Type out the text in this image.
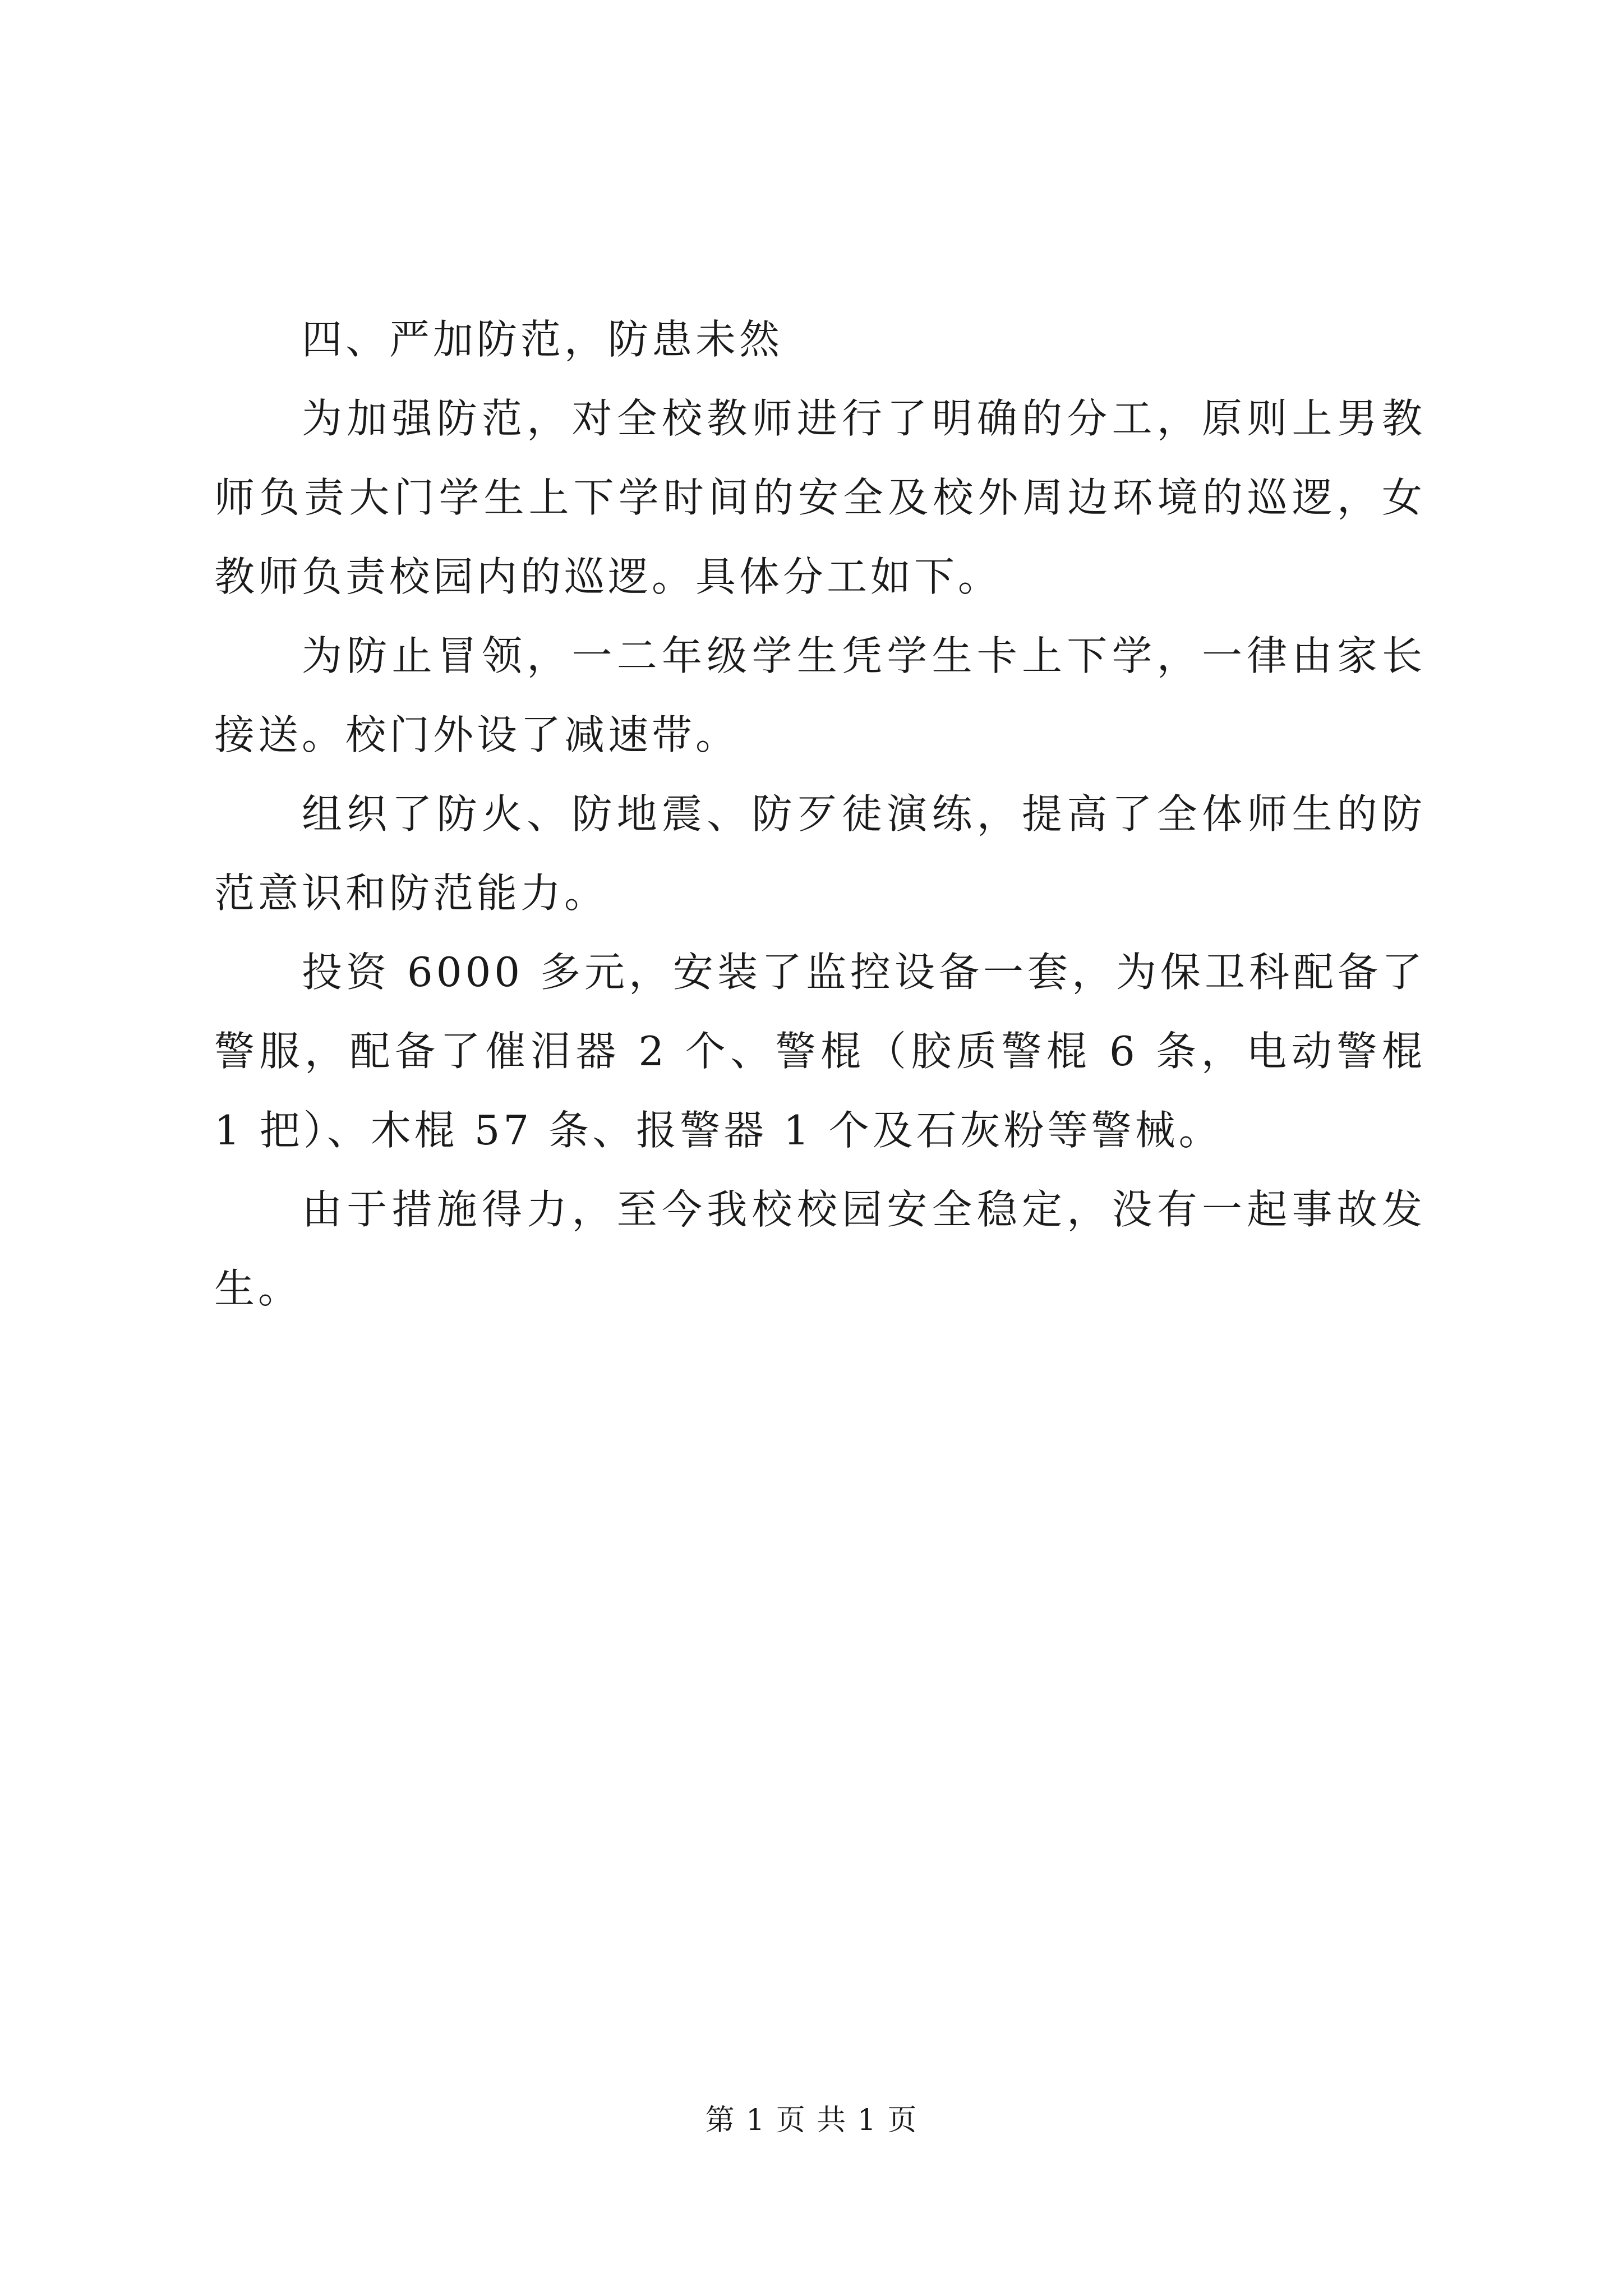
四、严加防范，防患未然

为加强防范，对全校教师进行了明确的分工，原则上男教师负责大门学生上下学时间的安全及校外周边环境的巡逻，女教师负责校园内的巡逻。具体分工如下。

为防止冒领，一二年级学生凭学生卡上下学，一律由家长接送。校门外设了减速带。

组织了防火、防地震、防歹徒演练，提高了全体师生的防范意识和防范能力。

投资 6000 多元，安装了监控设备一套，为保卫科配备了警服，配备了催泪器 2 个、警棍（胶质警棍 6 条，电动警棍 1 把）、木棍 57 条、报警器 1 个及石灰粉等警械。

由于措施得力，至今我校校园安全稳定，没有一起事故发生。

第 1 页 共 1 页
